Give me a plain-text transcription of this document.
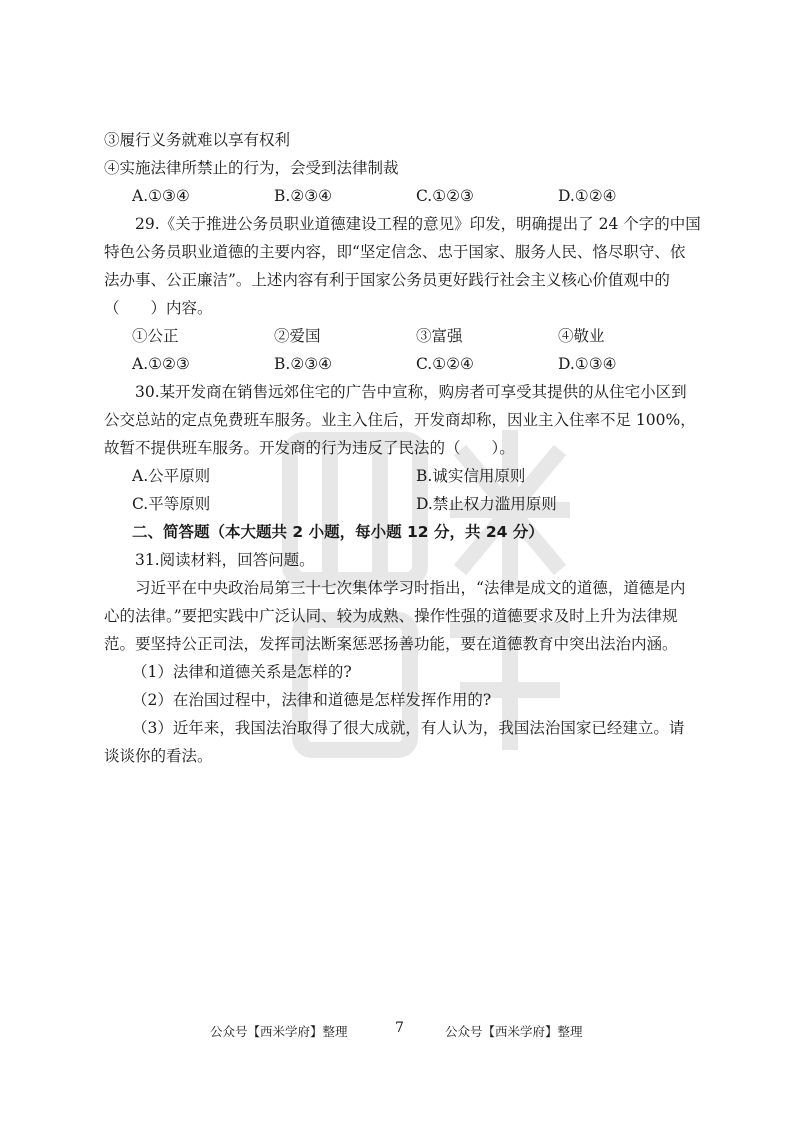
③履行义务就难以享有权利
④实施法律所禁止的行为，会受到法律制裁
A.①③④	B.②③④	C.①②③	D.①②④
29.《关于推进公务员职业道德建设工程的意见》印发，明确提出了 24 个字的中国
特色公务员职业道德的主要内容，即“坚定信念、忠于国家、服务人民、恪尽职守、依
法办事、公正廉洁”。上述内容有利于国家公务员更好践行社会主义核心价值观中的
（　　）内容。
①公正	②爱国	③富强	④敬业
A.①②③	B.②③④	C.①②④	D.①③④
30.某开发商在销售远郊住宅的广告中宣称，购房者可享受其提供的从住宅小区到
公交总站的定点免费班车服务。业主入住后，开发商却称，因业主入住率不足 100%，
故暂不提供班车服务。开发商的行为违反了民法的（　　）。
A.公平原则	B.诚实信用原则
C.平等原则	D.禁止权力滥用原则
二、简答题（本大题共 2 小题，每小题 12 分，共 24 分）
31.阅读材料，回答问题。
习近平在中央政治局第三十七次集体学习时指出，“法律是成文的道德，道德是内
心的法律。”要把实践中广泛认同、较为成熟、操作性强的道德要求及时上升为法律规
范。要坚持公正司法，发挥司法断案惩恶扬善功能，要在道德教育中突出法治内涵。
（1）法律和道德关系是怎样的?
（2）在治国过程中，法律和道德是怎样发挥作用的?
（3）近年来，我国法治取得了很大成就，有人认为，我国法治国家已经建立。请
谈谈你的看法。
公众号【西米学府】整理	7	公众号【西米学府】整理
